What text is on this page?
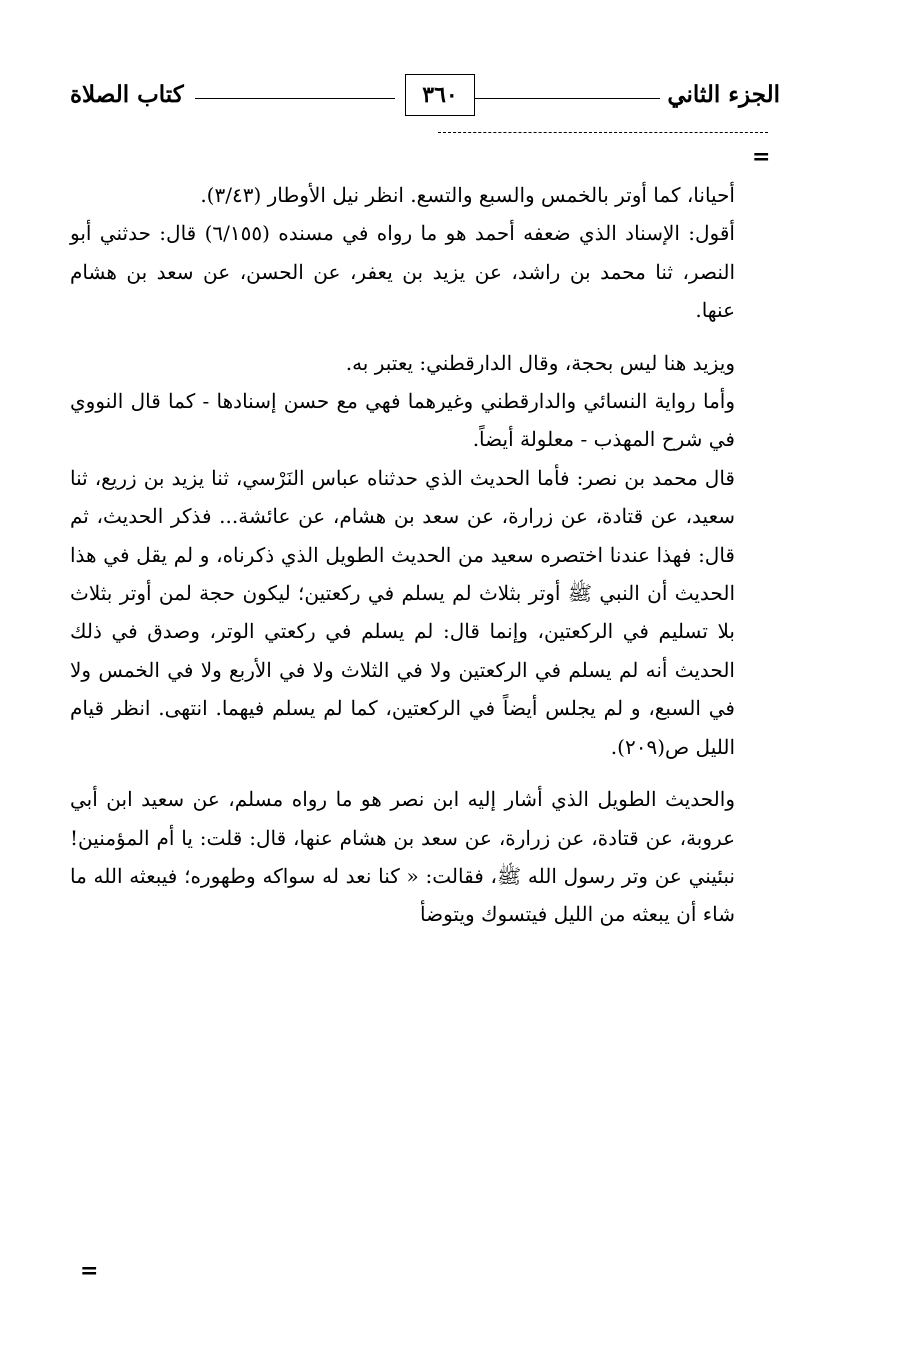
الجزء الثاني
٣٦٠
كتاب الصلاة
=

أحيانا، كما أوتر بالخمس والسبع والتسع. انظر نيل الأوطار (٣/٤٣).

أقول: الإسناد الذي ضعفه أحمد هو ما رواه في مسنده (٦/١٥٥) قال: حدثني أبو النصر، ثنا محمد بن راشد، عن يزيد بن يعفر، عن الحسن، عن سعد بن هشام عنها.

ويزيد هنا ليس بحجة، وقال الدارقطني: يعتبر به.

وأما رواية النسائي والدارقطني وغيرهما فهي مع حسن إسنادها - كما قال النووي في شرح المهذب - معلولة أيضاً.

قال محمد بن نصر: فأما الحديث الذي حدثناه عباس النَرْسي، ثنا يزيد بن زريع، ثنا سعيد، عن قتادة، عن زرارة، عن سعد بن هشام، عن عائشة... فذكر الحديث، ثم قال: فهذا عندنا اختصره سعيد من الحديث الطويل الذي ذكرناه، و لم يقل في هذا الحديث أن النبي ﷺ أوتر بثلاث لم يسلم في ركعتين؛ ليكون حجة لمن أوتر بثلاث بلا تسليم في الركعتين، وإنما قال: لم يسلم في ركعتي الوتر، وصدق في ذلك الحديث أنه لم يسلم في الركعتين ولا في الثلاث ولا في الأربع ولا في الخمس ولا في السبع، و لم يجلس أيضاً في الركعتين، كما لم يسلم فيهما. انتهى. انظر قيام الليل ص(٢٠٩).

والحديث الطويل الذي أشار إليه ابن نصر هو ما رواه مسلم، عن سعيد ابن أبي عروبة، عن قتادة، عن زرارة، عن سعد بن هشام عنها، قال: قلت: يا أم المؤمنين! نبئيني عن وتر رسول الله ﷺ، فقالت: « كنا نعد له سواكه وطهوره؛ فيبعثه الله ما شاء أن يبعثه من الليل فيتسوك ويتوضأ

=
